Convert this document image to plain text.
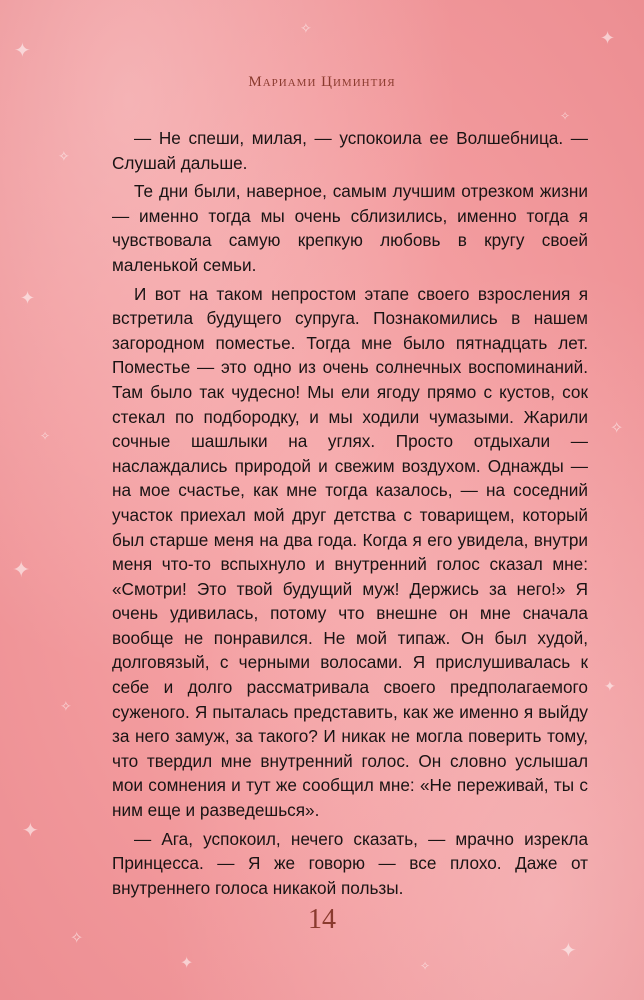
✦
✧
✦
✧
✦
✧
✦
✧
✦
✧
✧
✦
✦
✧
✧
✦
Мариами Циминтия

— Не спеши, милая, — успокоила ее Волшебница. — Слушай дальше.

Те дни были, наверное, самым лучшим отрезком жизни — именно тогда мы очень сблизились, именно тогда я чувствовала самую крепкую любовь в кругу своей маленькой семьи.

И вот на таком непростом этапе своего взросления я встретила будущего супруга. Познакомились в нашем загородном поместье. Тогда мне было пятнадцать лет. Поместье — это одно из очень солнечных воспоминаний. Там было так чудесно! Мы ели ягоду прямо с кустов, сок стекал по подбородку, и мы ходили чумазыми. Жарили сочные шашлыки на углях. Просто отдыхали — наслаждались природой и свежим воздухом. Однажды — на мое счастье, как мне тогда казалось, — на соседний участок приехал мой друг детства с товарищем, который был старше меня на два года. Когда я его увидела, внутри меня что-то вспыхнуло и внутренний голос сказал мне: «Смотри! Это твой будущий муж! Держись за него!» Я очень удивилась, потому что внешне он мне сначала вообще не понравился. Не мой типаж. Он был худой, долговязый, с черными волосами. Я прислушивалась к себе и долго рассматривала своего предполагаемого суженого. Я пыталась представить, как же именно я выйду за него замуж, за такого? И никак не могла поверить тому, что твердил мне внутренний голос. Он словно услышал мои сомнения и тут же сообщил мне: «Не переживай, ты с ним еще и разведешься».

— Ага, успокоил, нечего сказать, — мрачно изрекла Принцесса. — Я же говорю — все плохо. Даже от внутреннего голоса никакой пользы.

14
